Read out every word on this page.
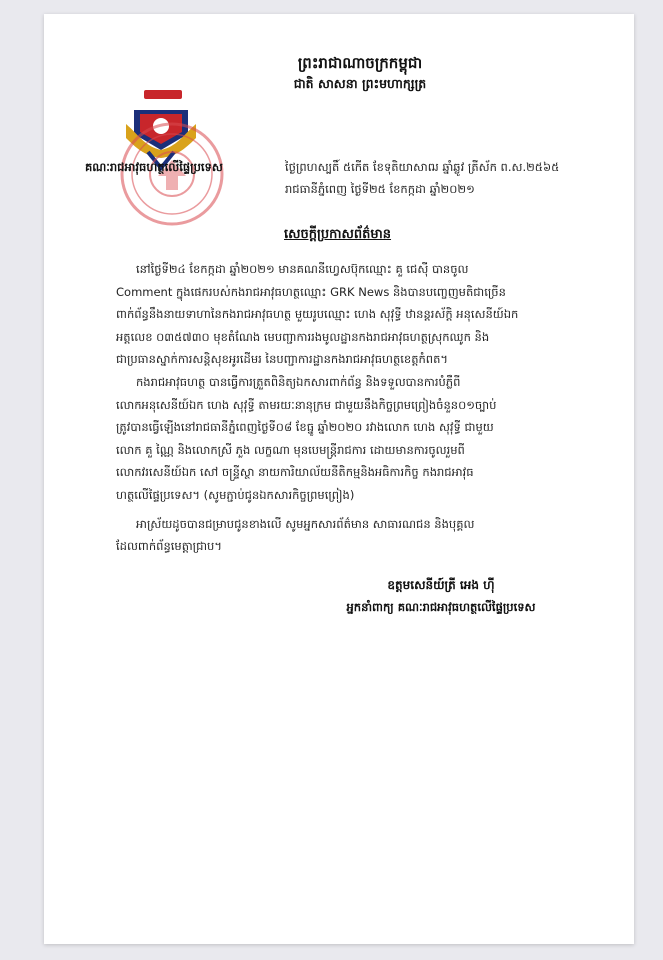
ព្រះរាជាណាចក្រកម្ពុជា
ជាតិ សាសនា ព្រះមហាក្សត្រ
គណៈរាជអាវុធហត្ថលើផ្ទៃប្រទេស	ថ្ងៃព្រហស្បតិ៍ ៥កើត ខែទុតិយាសាឍ ឆ្នាំឆ្លូវ ត្រីស័ក ព.ស.២៥៦៥
រាជធានីភ្នំពេញ ថ្ងៃទី២៥ ខែកក្កដា ឆ្នាំ២០២១
សេចក្តីប្រកាសព័ត៌មាន
នៅថ្ងៃទី២៤ ខែកក្កដា ឆ្នាំ២០២១ មានគណនីហ្វេសប៊ុកឈ្មោះ គួ ជេស៊ី បានចូល
Comment ក្នុងផេករបស់កងរាជអាវុធហត្ថឈ្មោះ GRK News និងបានបញ្ចេញមតិជាច្រើន
ពាក់ព័ន្ធនឹងនាយទាហានៃកងរាជអាវុធហត្ថ មួយរូបឈ្មោះ ហេង សុវុទ្ធី ឋានន្តរស័ក្តិ អនុសេនីយ៍ឯក
អត្តលេខ ០៣៥៧៣០ មុខតំណែង មេបញ្ជាការរងមូលដ្ឋានកងរាជអាវុធហត្ថស្រុកឈូក និង
ជាប្រធានស្នាក់ការសន្តិសុខអូរដើមរ នៃបញ្ជាការដ្ឋានកងរាជអាវុធហត្ថខេត្តកំពត។
កងរាជអាវុធហត្ថ បានធ្វើការត្រួតពិនិត្យឯកសារពាក់ព័ន្ធ និងទទួលបានការបំភ្លឺពី
លោកអនុសេនីយ៍ឯក ហេង សុវុទ្ធី តាមរយៈនានុក្រម ជាមួយនឹងកិច្ចព្រមព្រៀងចំនួន០១ច្បាប់
ត្រូវបានធ្វើឡើងនៅរាជធានីភ្នំពេញថ្ងៃទី០៨ ខែធ្នូ ឆ្នាំ២០២០ រវាងលោក ហេង សុវុទ្ធី ជាមួយ
លោក គួ ណ្ណៃ និងលោកស្រី ភួង លក្ខណា មុនបេមន្ត្រីរាជការ ដោយមានការចូលរួមពី
លោកវរសេនីយ៍ឯក សៅ ចន្ទ្រីស្ថា នាយការិយាល័យនីតិកម្មនិងអធិការកិច្ច កងរាជអាវុធ
ហត្ថលើផ្ទៃប្រទេស។ (សូមភ្ជាប់ជូនឯកសារកិច្ចព្រមព្រៀង)
អាស្រ័យដូចបានជម្រាបជូនខាងលើ សូមអ្នកសារព័ត៌មាន សាធារណជន និងបុគ្គល
ដែលពាក់ព័ន្ធមេត្តាជ្រាប។
ឧត្តមសេនីយ៍ត្រី អេង ហ៊ី
អ្នកនាំពាក្យ គណៈរាជអាវុធហត្ថលើផ្ទៃប្រទេស
